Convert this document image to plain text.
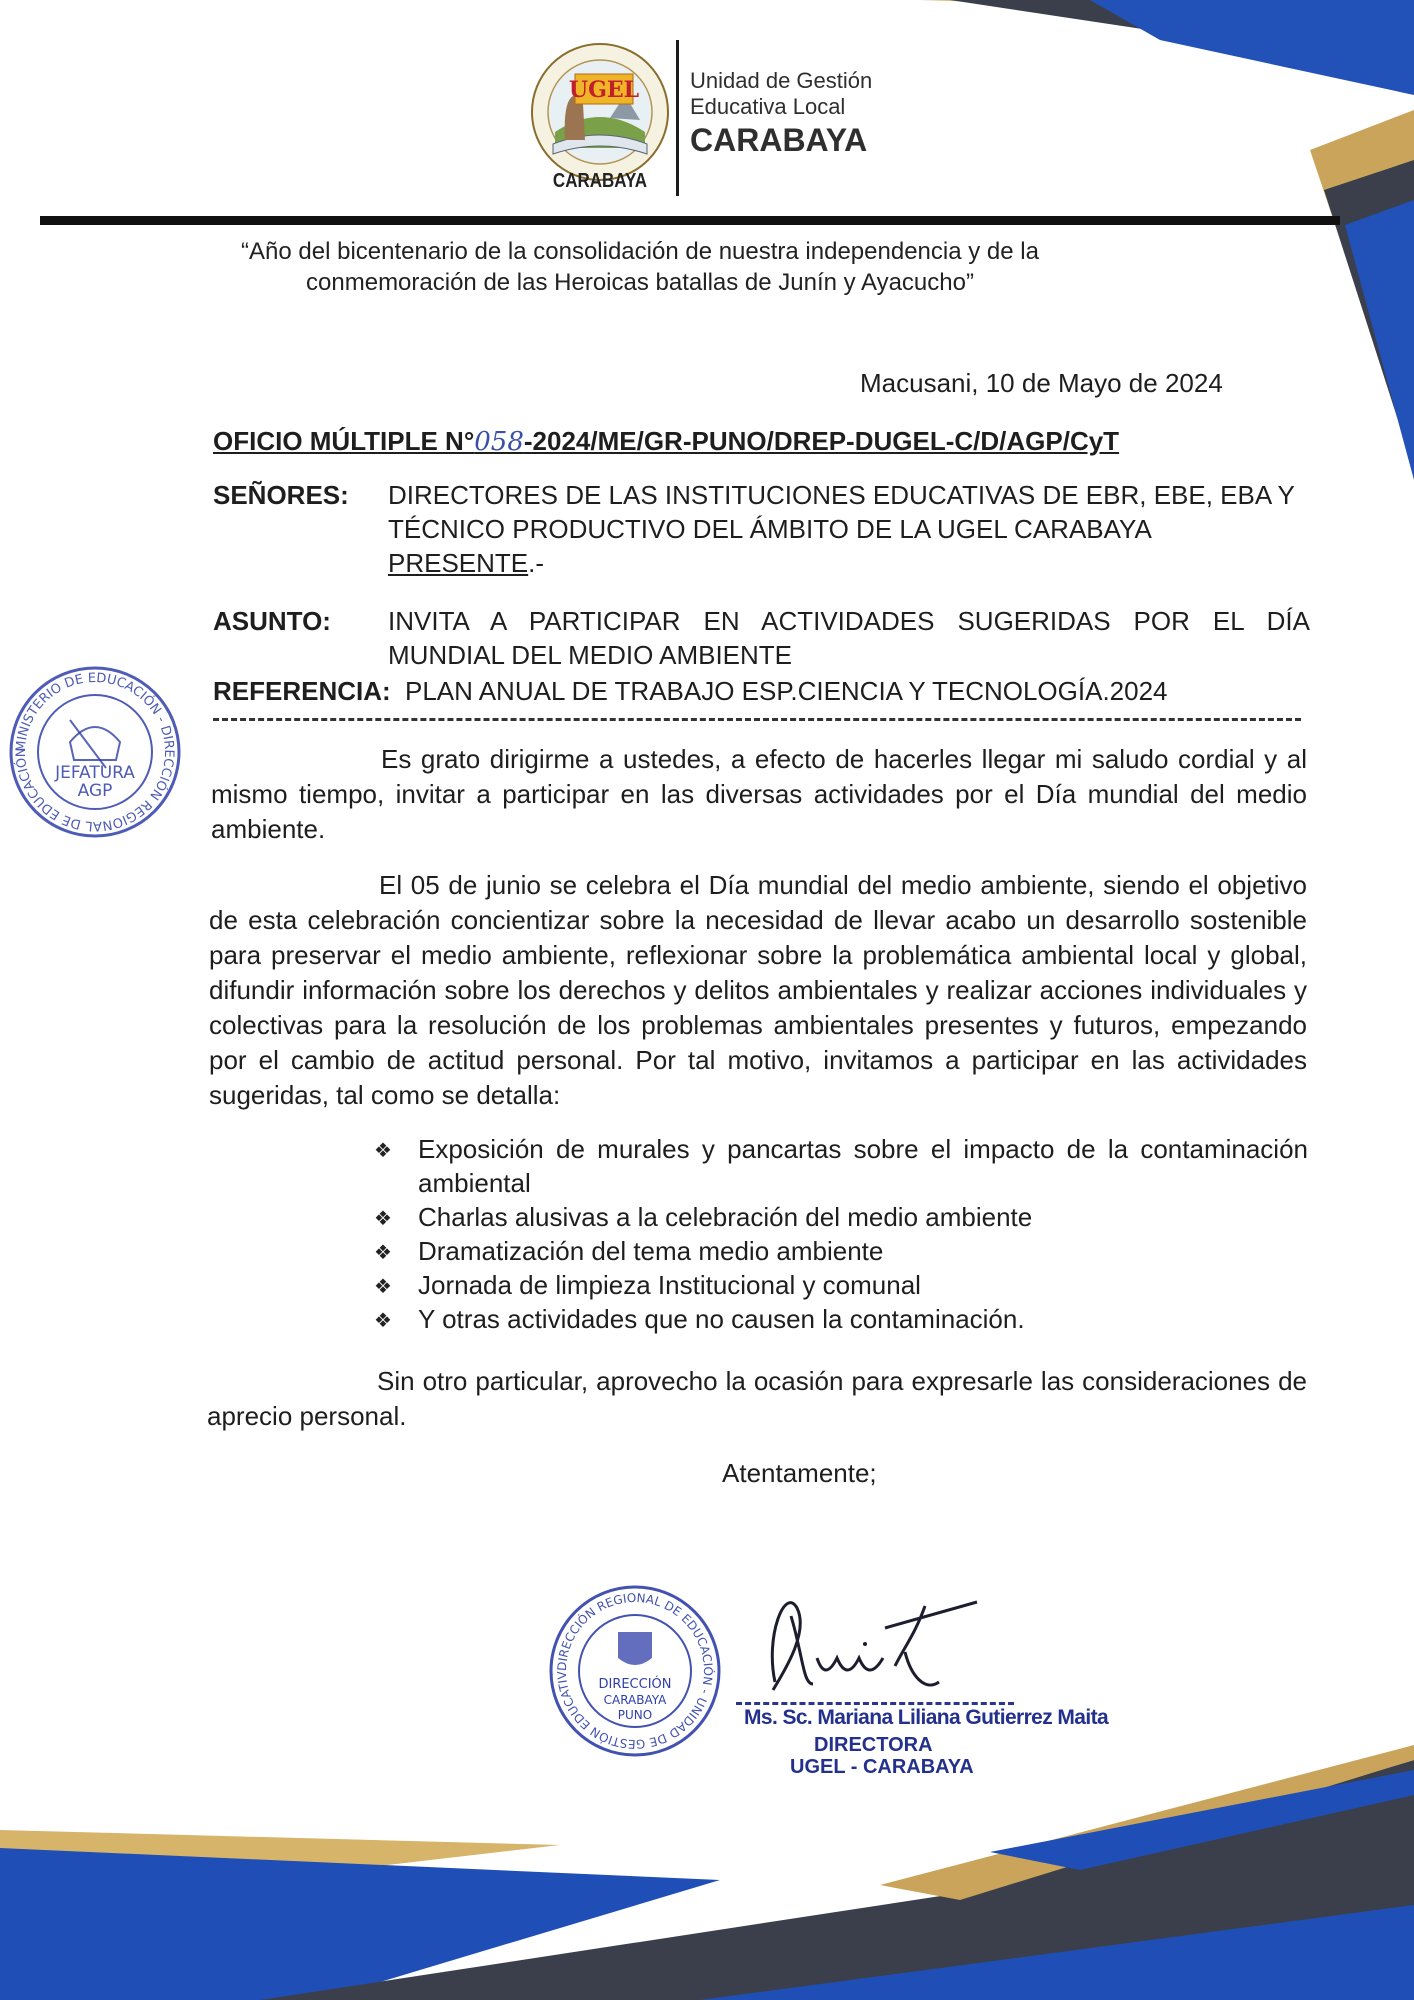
UGEL
CARABAYA
Unidad de Gestión
Educativa Local
CARABAYA
“Año del bicentenario de la consolidación de nuestra independencia y de la
conmemoración de las Heroicas batallas de Junín y Ayacucho”
Macusani, 10 de Mayo de 2024
OFICIO MÚLTIPLE N°058-2024/ME/GR-PUNO/DREP-DUGEL-C/D/AGP/CyT
SEÑORES: DIRECTORES DE LAS INSTITUCIONES EDUCATIVAS DE EBR, EBE, EBA Y TÉCNICO PRODUCTIVO DEL ÁMBITO DE LA UGEL CARABAYA
PRESENTE.-
ASUNTO: INVITA A PARTICIPAR EN ACTIVIDADES SUGERIDAS POR EL DÍA
MUNDIAL DEL MEDIO AMBIENTE
REFERENCIA: PLAN ANUAL DE TRABAJO ESP.CIENCIA Y TECNOLOGÍA.2024
Es grato dirigirme a ustedes, a efecto de hacerles llegar mi saludo cordial y al mismo tiempo, invitar a participar en las diversas actividades por el Día mundial del medio ambiente.
El 05 de junio se celebra el Día mundial del medio ambiente, siendo el objetivo de esta celebración concientizar sobre la necesidad de llevar acabo un desarrollo sostenible para preservar el medio ambiente, reflexionar sobre la problemática ambiental local y global, difundir información sobre los derechos y delitos ambientales y realizar acciones individuales y colectivas para la resolución de los problemas ambientales presentes y futuros, empezando por el cambio de actitud personal. Por tal motivo, invitamos a participar en las actividades sugeridas, tal como se detalla:
❖ Exposición de murales y pancartas sobre el impacto de la contaminación ambiental
❖ Charlas alusivas a la celebración del medio ambiente
❖ Dramatización del tema medio ambiente
❖ Jornada de limpieza Institucional y comunal
❖ Y otras actividades que no causen la contaminación.
Sin otro particular, aprovecho la ocasión para expresarle las consideraciones de aprecio personal.
Atentamente;
MINISTERIO DE EDUCACIÓN - DIRECCIÓN REGIONAL DE EDUCACIÓN
JEFATURA
AGP
DIRECCIÓN REGIONAL DE EDUCACIÓN - UNIDAD DE GESTIÓN EDUCATIV
DIRECCIÓN
CARABAYA
PUNO	Ms. Sc. Mariana Liliana Gutierrez Maita
DIRECTORA
UGEL - CARABAYA
